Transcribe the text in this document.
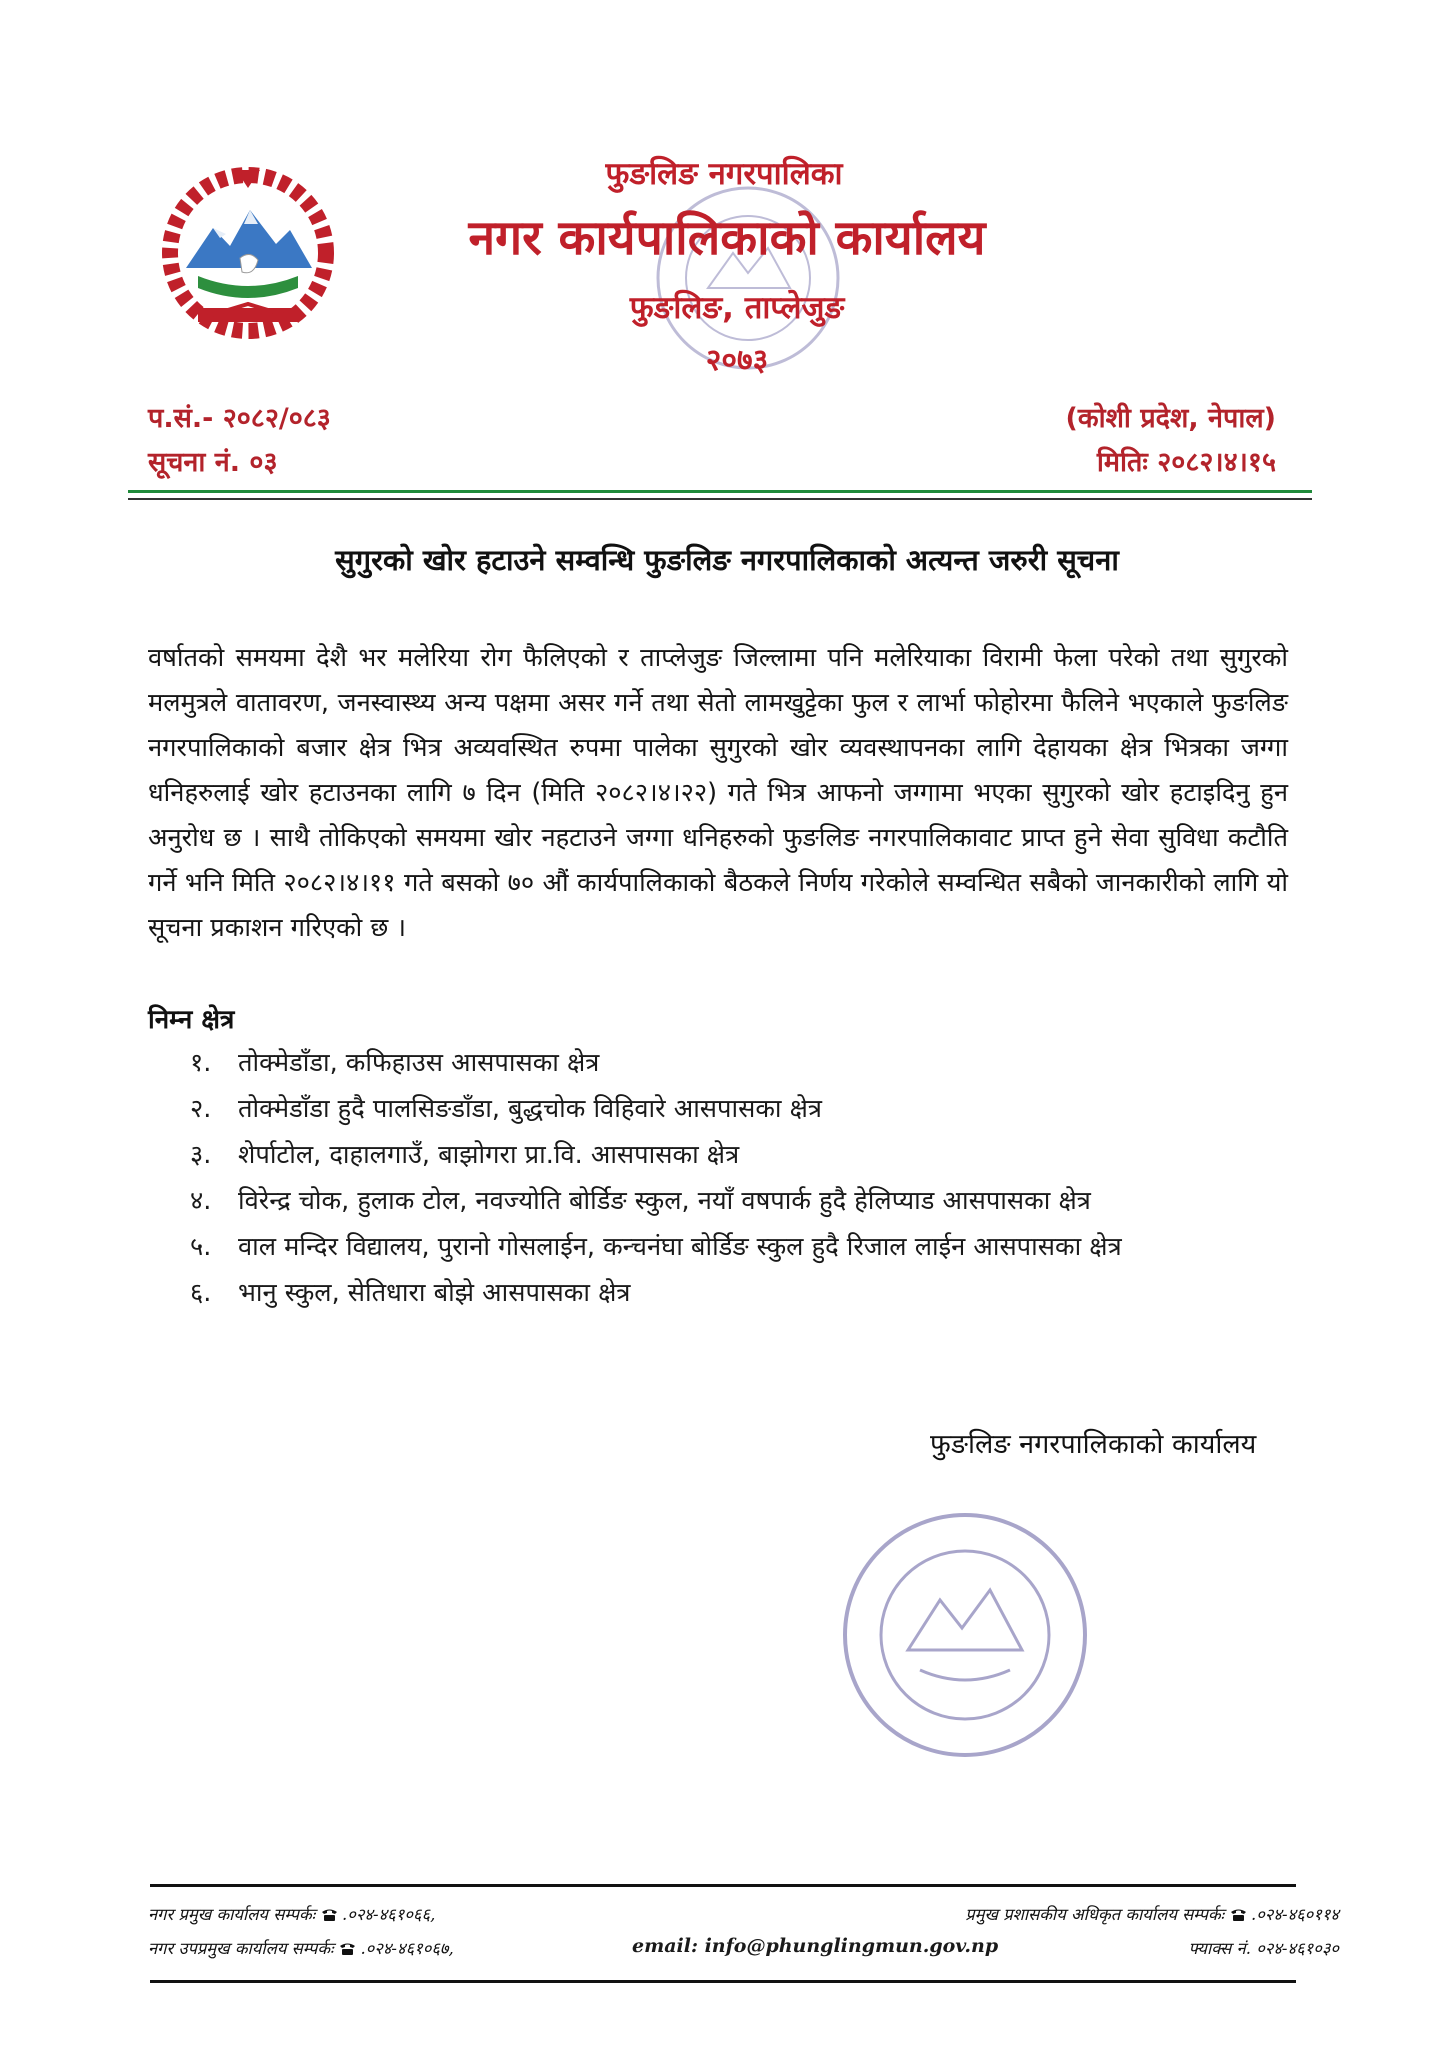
फुङलिङ नगरपालिका
नगर कार्यपालिकाको कार्यालय
फुङलिङ, ताप्लेजुङ
२०७३
प.सं.- २०८२/०८३
सूचना नं. ०३
(कोशी प्रदेश, नेपाल)
मितिः २०८२।४।१५
सुगुरको खोर हटाउने सम्वन्धि फुङलिङ नगरपालिकाको अत्यन्त जरुरी सूचना
वर्षातको समयमा देशै भर मलेरिया रोग फैलिएको र ताप्लेजुङ जिल्लामा पनि मलेरियाका विरामी फेला परेको तथा सुगुरको मलमुत्रले वातावरण, जनस्वास्थ्य अन्य पक्षमा असर गर्ने तथा सेतो लामखुट्टेका फुल र लार्भा फोहोरमा फैलिने भएकाले फुङलिङ नगरपालिकाको बजार क्षेत्र भित्र अव्यवस्थित रुपमा पालेका सुगुरको खोर व्यवस्थापनका लागि देहायका क्षेत्र भित्रका जग्गा धनिहरुलाई खोर हटाउनका लागि ७ दिन (मिति २०८२।४।२२) गते भित्र आफनो जग्गामा भएका सुगुरको खोर हटाइदिनु हुन अनुरोध छ । साथै तोकिएको समयमा खोर नहटाउने जग्गा धनिहरुको फुङलिङ नगरपालिकावाट प्राप्त हुने सेवा सुविधा कटौति गर्ने भनि मिति २०८२।४।११ गते बसको ७० औं कार्यपालिकाको बैठकले निर्णय गरेकोले सम्वन्धित सबैको जानकारीको लागि यो सूचना प्रकाशन गरिएको छ ।
निम्न क्षेत्र
१.	तोक्मेडाँडा, कफिहाउस आसपासका क्षेत्र
२.	तोक्मेडाँडा हुदै पालसिङडाँडा, बुद्धचोक विहिवारे आसपासका क्षेत्र
३.	शेर्पाटोल, दाहालगाउँ, बाझोगरा प्रा.वि. आसपासका क्षेत्र
४.	विरेन्द्र चोक, हुलाक टोल, नवज्योति बोर्डिङ स्कुल, नयाँ वषपार्क हुदै हेलिप्याड आसपासका क्षेत्र
५.	वाल मन्दिर विद्यालय, पुरानो गोसलाईन, कन्चनंघा बोर्डिङ स्कुल हुदै रिजाल लाईन आसपासका क्षेत्र
६.	भानु स्कुल, सेतिधारा बोझे आसपासका क्षेत्र
फुङलिङ नगरपालिकाको कार्यालय
नगर प्रमुख कार्यालय सम्पर्कः .०२४-४६१०६६,
नगर उपप्रमुख कार्यालय सम्पर्कः .०२४-४६१०६७,	email: info@phunglingmun.gov.np
प्रमुख प्रशासकीय अधिकृत कार्यालय सम्पर्कः .०२४-४६०११४
फ्याक्स नं. ०२४-४६१०३०
